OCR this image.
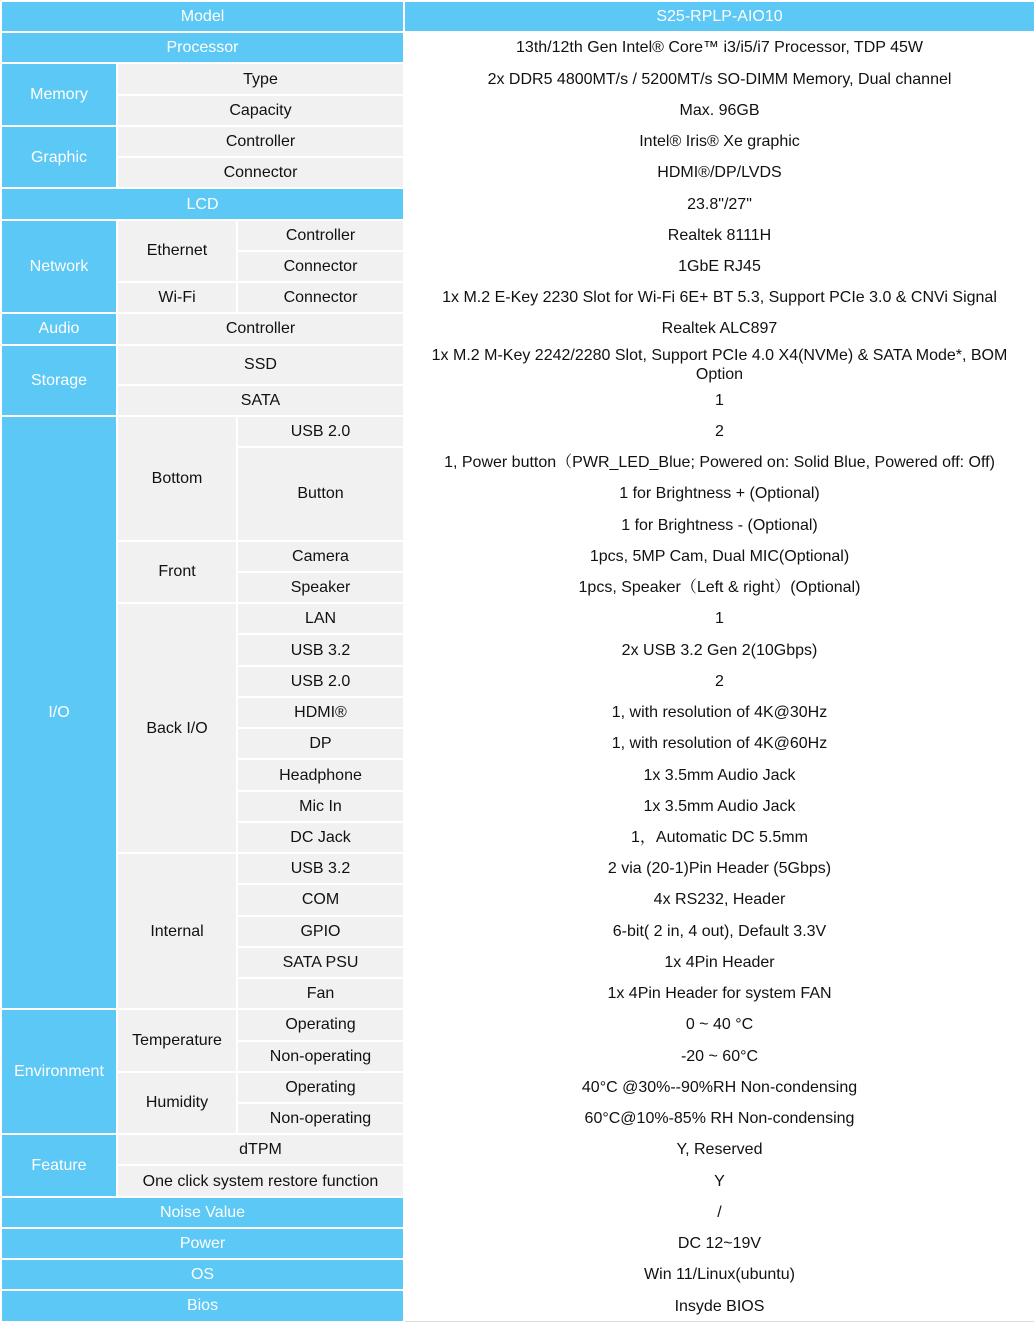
Model			S25-RPLP-AIO10
Processor			13th/12th Gen Intel® Core™ i3/i5/i7 Processor, TDP 45W
Memory	Type		2x DDR5 4800MT/s / 5200MT/s SO-DIMM Memory, Dual channel
	Capacity		Max. 96GB
Graphic	Controller		Intel® Iris® Xe graphic
	Connector		HDMI®/DP/LVDS
LCD			23.8"/27"
Network	Ethernet	Controller	Realtek 8111H
		Connector	1GbE RJ45
	Wi-Fi	Connector	1x M.2 E-Key 2230 Slot for Wi-Fi 6E+ BT 5.3, Support PCIe 3.0 & CNVi Signal
Audio	Controller		Realtek ALC897
Storage	SSD		1x M.2 M-Key 2242/2280 Slot, Support PCIe 4.0 X4(NVMe) & SATA Mode*, BOM Option
	SATA		1
I/O	Bottom	USB 2.0	2
		Button	1, Power button（PWR_LED_Blue; Powered on: Solid Blue, Powered off: Off)
			1 for Brightness + (Optional)
			1 for Brightness - (Optional)
	Front	Camera	1pcs, 5MP Cam, Dual MIC(Optional)
		Speaker	1pcs, Speaker（Left & right）(Optional)
	Back I/O	LAN	1
		USB 3.2	2x USB 3.2 Gen 2(10Gbps)
		USB 2.0	2
		HDMI®	1, with resolution of 4K@30Hz
		DP	1, with resolution of 4K@60Hz
		Headphone	1x 3.5mm Audio Jack
		Mic In	1x 3.5mm Audio Jack
		DC Jack	1，Automatic DC 5.5mm
	Internal	USB 3.2	2 via (20-1)Pin Header (5Gbps)
		COM	4x RS232, Header
		GPIO	6-bit( 2 in, 4 out), Default 3.3V
		SATA PSU	1x 4Pin Header
		Fan	1x 4Pin Header for system FAN
Environment	Temperature	Operating	0 ~ 40 °C
		Non-operating	-20 ~ 60°C
	Humidity	Operating	40°C @30%--90%RH Non-condensing
		Non-operating	60°C@10%-85% RH Non-condensing
Feature	dTPM		Y, Reserved
	One click system restore function		Y
Noise Value			/
Power			DC 12~19V
OS			Win 11/Linux(ubuntu)
Bios			Insyde BIOS
